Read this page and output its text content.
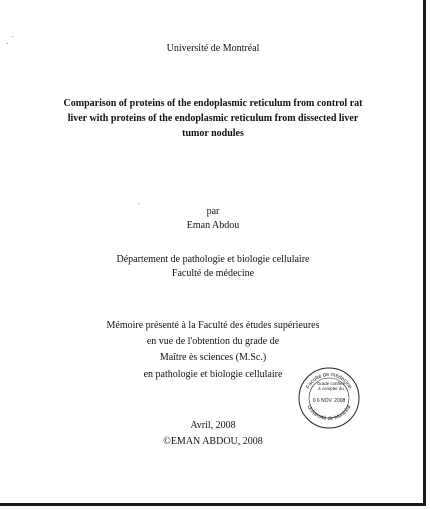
Université de Montréal
Comparison of proteins of the endoplasmic reticulum from control rat
liver with proteins of the endoplasmic reticulum from dissected liver
tumor nodules
par
Eman Abdou
Département de pathologie et biologie cellulaire
Faculté de médecine
Mémoire présenté à la Faculté des études supérieures
en vue de l'obtention du grade de
Maître ès sciences (M.Sc.)
en pathologie et biologie cellulaire
Faculté de médecine
Université de Montréal
Grade conféré
à compter du
0 6 NOV. 2008
Avril, 2008
©EMAN ABDOU, 2008
